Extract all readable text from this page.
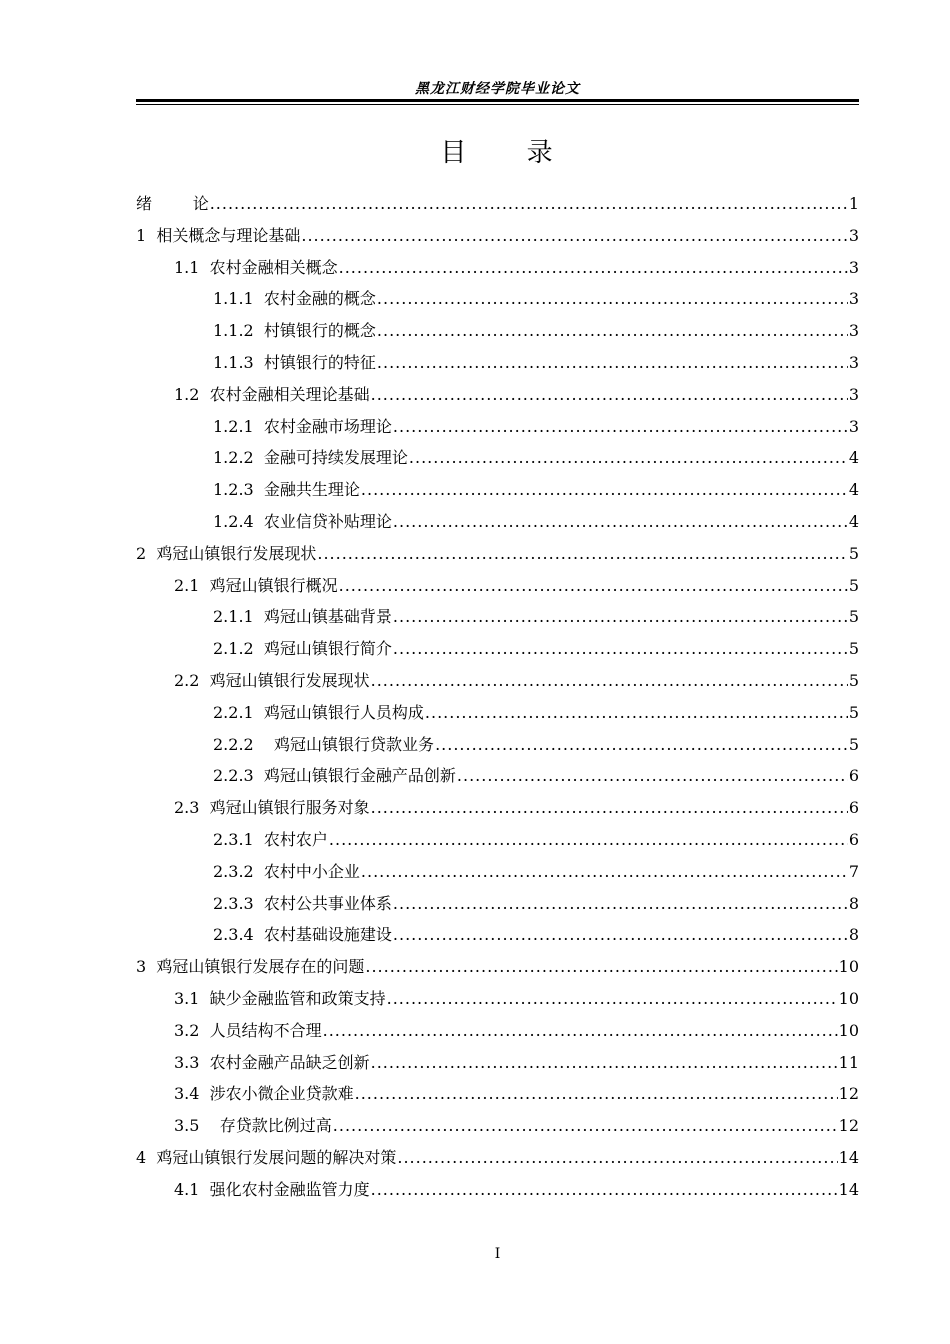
黑龙江财经学院毕业论文
目 录
绪        论 .....	1
1  相关概念与理论基础 .....	3
1.1  农村金融相关概念 .....	3
1.1.1  农村金融的概念 .....	3
1.1.2  村镇银行的概念 .....	3
1.1.3  村镇银行的特征 .....	3
1.2  农村金融相关理论基础 .....	3
1.2.1  农村金融市场理论 .....	3
1.2.2  金融可持续发展理论 .....	4
1.2.3  金融共生理论 .....	4
1.2.4  农业信贷补贴理论 .....	4
2  鸡冠山镇银行发展现状 .....	5
2.1  鸡冠山镇银行概况 .....	5
2.1.1  鸡冠山镇基础背景 .....	5
2.1.2  鸡冠山镇银行简介 .....	5
2.2  鸡冠山镇银行发展现状 .....	5
2.2.1  鸡冠山镇银行人员构成 .....	5
2.2.2    鸡冠山镇银行贷款业务 .....	5
2.2.3  鸡冠山镇银行金融产品创新 .....	6
2.3  鸡冠山镇银行服务对象 .....	6
2.3.1  农村农户 .....	6
2.3.2  农村中小企业 .....	7
2.3.3  农村公共事业体系 .....	8
2.3.4  农村基础设施建设 .....	8
3  鸡冠山镇银行发展存在的问题 .....	10
3.1  缺少金融监管和政策支持 .....	10
3.2  人员结构不合理 .....	10
3.3  农村金融产品缺乏创新 .....	11
3.4  涉农小微企业贷款难 .....	12
3.5    存贷款比例过高 .....	12
4  鸡冠山镇银行发展问题的解决对策 .....	14
4.1  强化农村金融监管力度 .....	14
I
